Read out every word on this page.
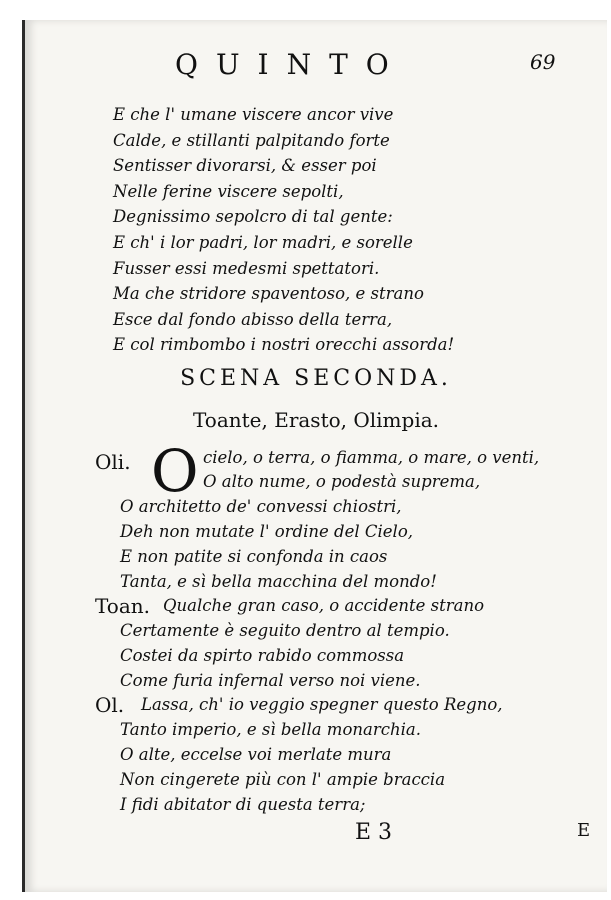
QUINTO	69
E che l' umane viscere ancor vive
Calde, e stillanti palpitando forte
Sentisser divorarsi, & esser poi
Nelle ferine viscere sepolti,
Degnissimo sepolcro di tal gente:
E ch' i lor padri, lor madri, e sorelle
Fusser essi medesmi spettatori.
Ma che stridore spaventoso, e strano
Esce dal fondo abisso della terra,
E col rimbombo i nostri orecchi assorda!
SCENA SECONDA.
Toante, Erasto, Olimpia.
Oli. O cielo, o terra, o fiamma, o mare, o venti,
O alto nume, o podestà suprema,
O architetto de' convessi chiostri,
Deh non mutate l' ordine del Cielo,
E non patite si confonda in caos
Tanta, e sì bella macchina del mondo!
Toan. Qualche gran caso, o accidente strano
Certamente è seguito dentro al tempio.
Costei da spirto rabido commossa
Come furia infernal verso noi viene.
Ol. Lassa, ch' io veggio spegner questo Regno,
Tanto imperio, e sì bella monarchia.
O alte, eccelse voi merlate mura
Non cingerete più con l' ampie braccia
I fidi abitator di questa terra;
E 3	E
